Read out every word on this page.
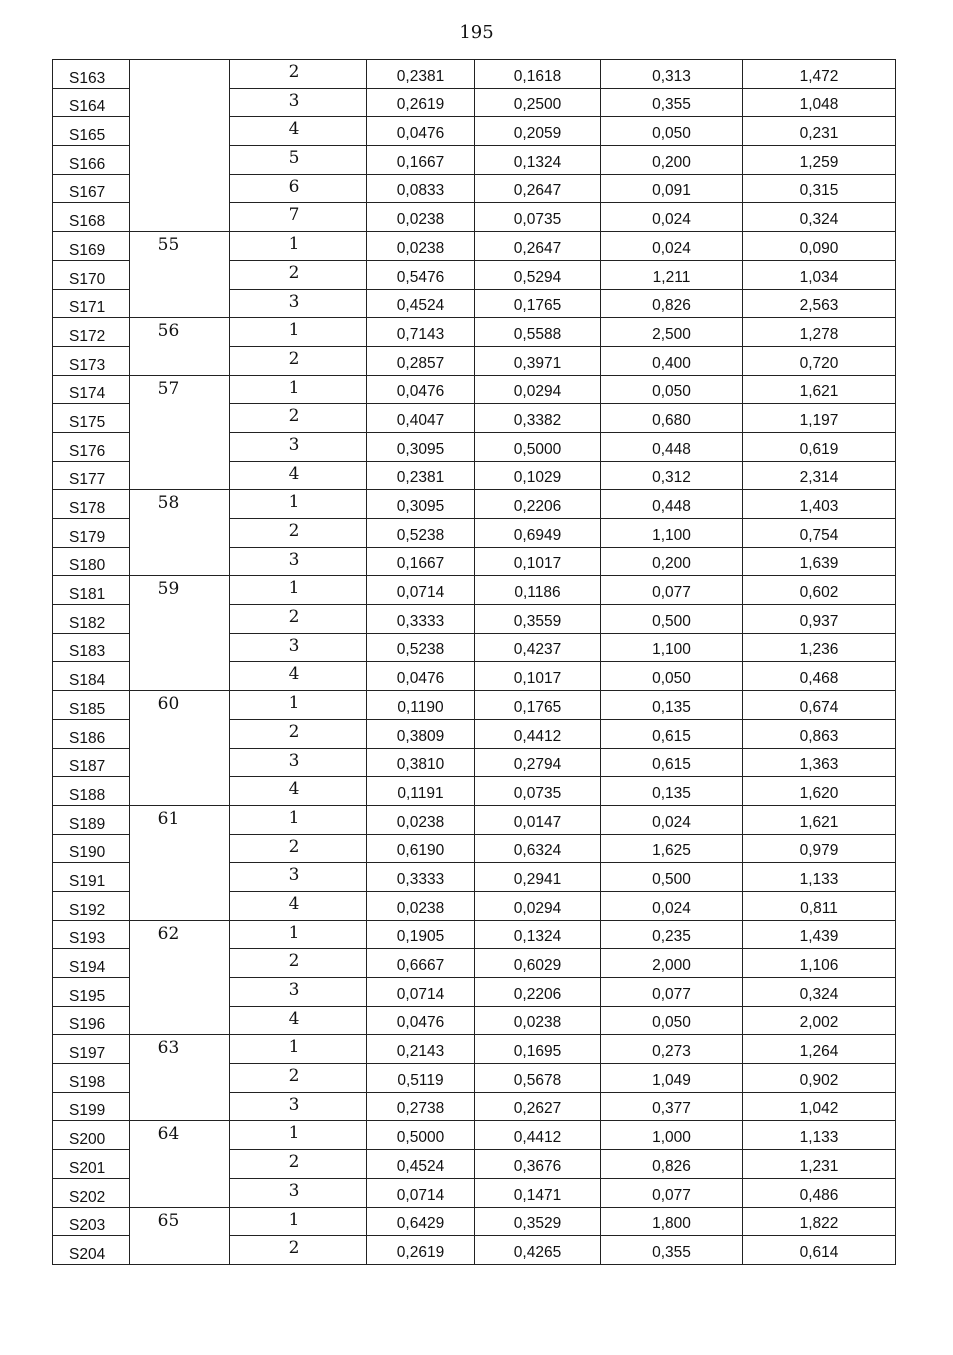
195
S163		2	0,2381	0,1618	0,313	1,472
S164		3	0,2619	0,2500	0,355	1,048
S165		4	0,0476	0,2059	0,050	0,231
S166		5	0,1667	0,1324	0,200	1,259
S167		6	0,0833	0,2647	0,091	0,315
S168		7	0,0238	0,0735	0,024	0,324
S169	55	1	0,0238	0,2647	0,024	0,090
S170		2	0,5476	0,5294	1,211	1,034
S171		3	0,4524	0,1765	0,826	2,563
S172	56	1	0,7143	0,5588	2,500	1,278
S173		2	0,2857	0,3971	0,400	0,720
S174	57	1	0,0476	0,0294	0,050	1,621
S175		2	0,4047	0,3382	0,680	1,197
S176		3	0,3095	0,5000	0,448	0,619
S177		4	0,2381	0,1029	0,312	2,314
S178	58	1	0,3095	0,2206	0,448	1,403
S179		2	0,5238	0,6949	1,100	0,754
S180		3	0,1667	0,1017	0,200	1,639
S181	59	1	0,0714	0,1186	0,077	0,602
S182		2	0,3333	0,3559	0,500	0,937
S183		3	0,5238	0,4237	1,100	1,236
S184		4	0,0476	0,1017	0,050	0,468
S185	60	1	0,1190	0,1765	0,135	0,674
S186		2	0,3809	0,4412	0,615	0,863
S187		3	0,3810	0,2794	0,615	1,363
S188		4	0,1191	0,0735	0,135	1,620
S189	61	1	0,0238	0,0147	0,024	1,621
S190		2	0,6190	0,6324	1,625	0,979
S191		3	0,3333	0,2941	0,500	1,133
S192		4	0,0238	0,0294	0,024	0,811
S193	62	1	0,1905	0,1324	0,235	1,439
S194		2	0,6667	0,6029	2,000	1,106
S195		3	0,0714	0,2206	0,077	0,324
S196		4	0,0476	0,0238	0,050	2,002
S197	63	1	0,2143	0,1695	0,273	1,264
S198		2	0,5119	0,5678	1,049	0,902
S199		3	0,2738	0,2627	0,377	1,042
S200	64	1	0,5000	0,4412	1,000	1,133
S201		2	0,4524	0,3676	0,826	1,231
S202		3	0,0714	0,1471	0,077	0,486
S203	65	1	0,6429	0,3529	1,800	1,822
S204		2	0,2619	0,4265	0,355	0,614
